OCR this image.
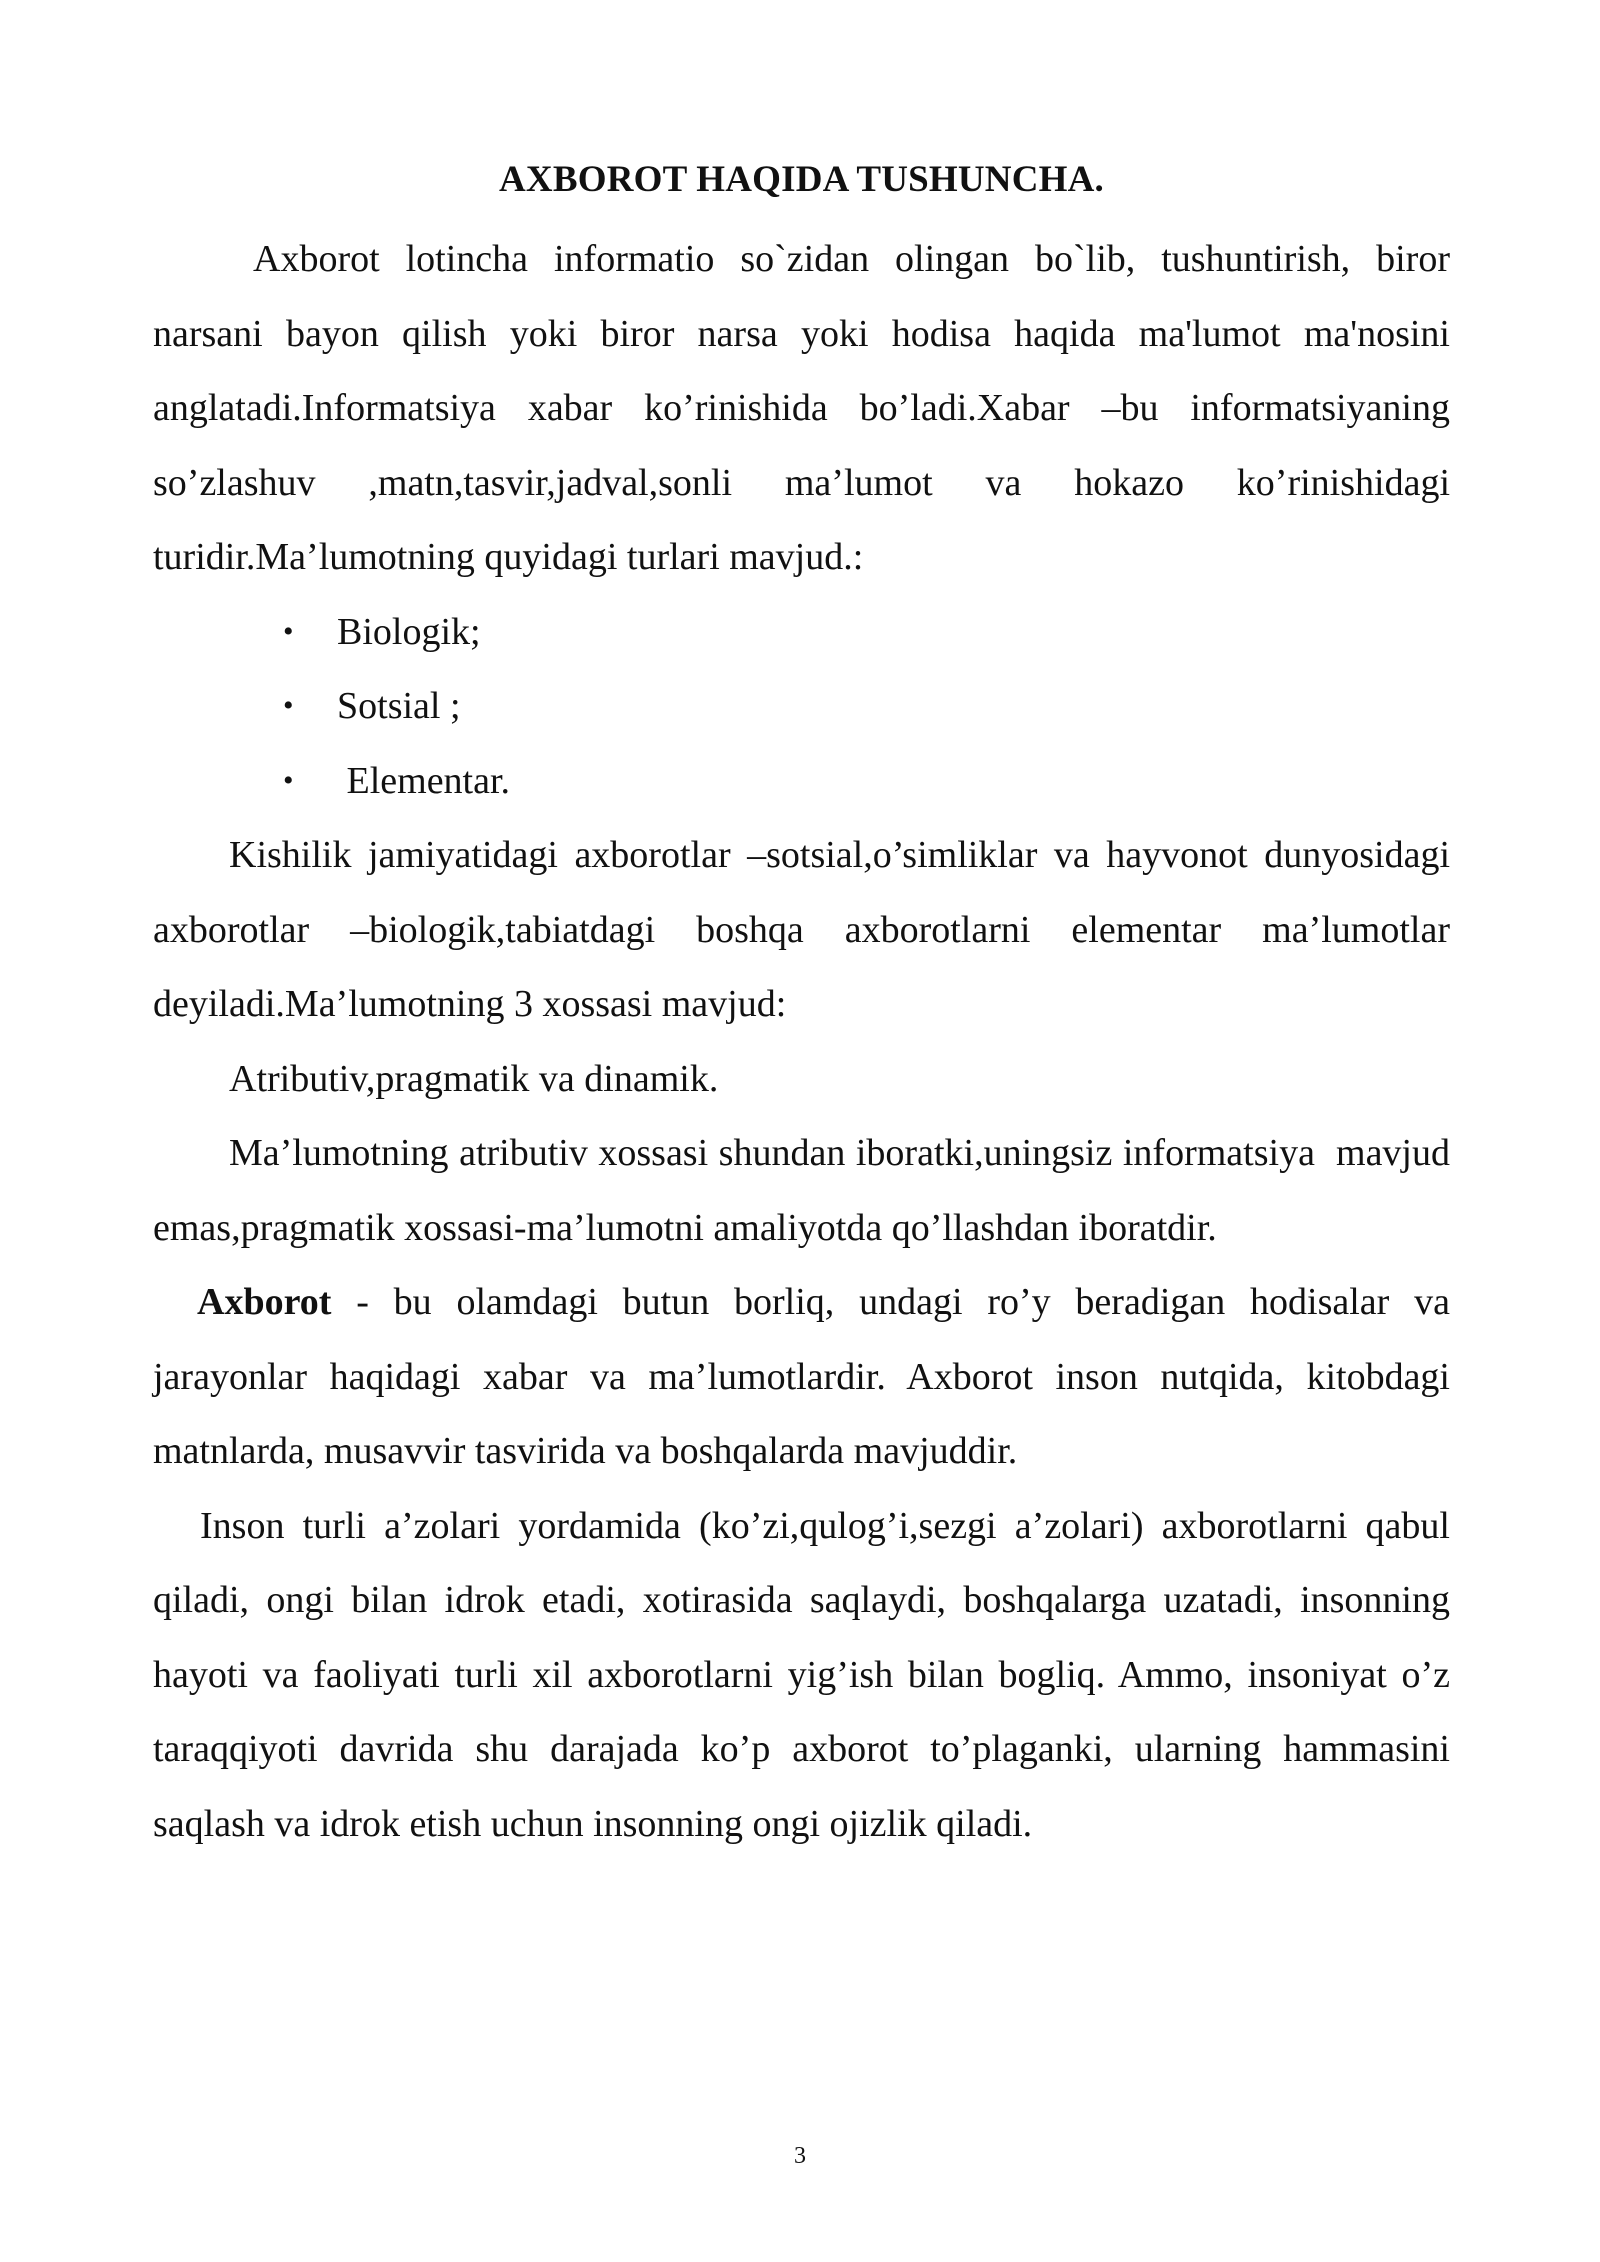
AXBOROT HAQIDA TUSHUNCHA.

Axborot lotincha informatio so`zidan olingan bo`lib, tushuntirish, biror narsani bayon qilish yoki biror narsa yoki hodisa haqida ma'lumot ma'nosini anglatadi.Informatsiya xabar ko’rinishida bo’ladi.Xabar –bu informatsiyaning so’zlashuv ,matn,tasvir,jadval,sonli ma’lumot va hokazo ko’rinishidagi turidir.Ma’lumotning quyidagi turlari mavjud.:

• Biologik;
• Sotsial ;
• Elementar.

Kishilik jamiyatidagi axborotlar –sotsial,o’simliklar va hayvonot dunyosidagi axborotlar –biologik,tabiatdagi boshqa axborotlarni elementar ma’lumotlar deyiladi.Ma’lumotning 3 xossasi mavjud:

Atributiv,pragmatik va dinamik.

Ma’lumotning atributiv xossasi shundan iboratki,uningsiz informatsiya  mavjud emas,pragmatik xossasi-ma’lumotni amaliyotda qo’llashdan iboratdir.

Axborot - bu olamdagi butun borliq, undagi ro’y beradigan hodisalar va jarayonlar haqidagi xabar va ma’lumotlardir. Axborot inson nutqida, kitobdagi matnlarda, musavvir tasvirida va boshqalarda mavjuddir.

Inson turli a’zolari yordamida (ko’zi,qulog’i,sezgi a’zolari) axborotlarni qabul qiladi, ongi bilan idrok etadi, xotirasida saqlaydi, boshqalarga uzatadi, insonning hayoti va faoliyati turli xil axborotlarni yig’ish bilan bogliq. Ammo, insoniyat o’z taraqqiyoti davrida shu darajada ko’p axborot to’plaganki, ularning hammasini saqlash va idrok etish uchun insonning ongi ojizlik qiladi.

3
